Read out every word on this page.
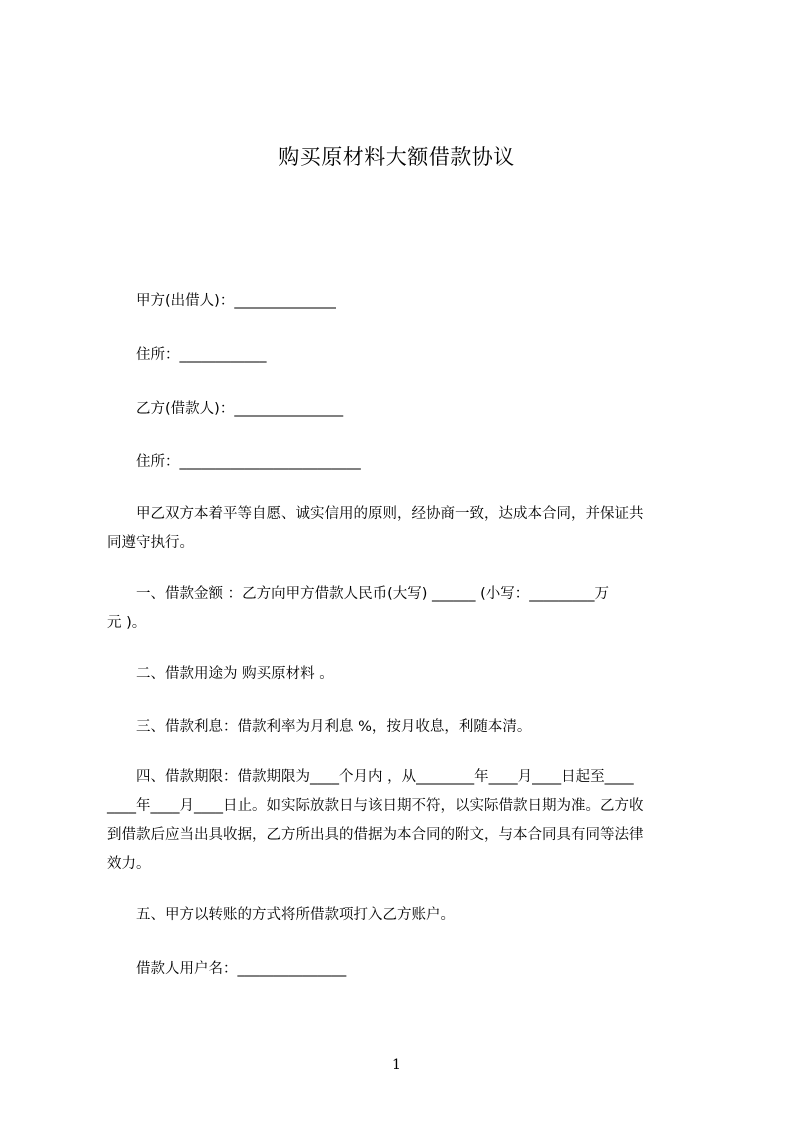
购买原材料大额借款协议
甲方(出借人)：______________
住所：____________
乙方(借款人)：_______________
住所：_________________________
　　甲乙双方本着平等自愿、诚实信用的原则，经协商一致，达成本合同，并保证共
同遵守执行。
　　一、借款金额 ：乙方向甲方借款人民币(大写) ______ (小写：_________万
元 )。
二、借款用途为 购买原材料 。
三、借款利息：借款利率为月利息 %，按月收息，利随本清。
　　四、借款期限：借款期限为____个月内 ，从________年____月____日起至____
____年____月____日止。如实际放款日与该日期不符，以实际借款日期为准。乙方收
到借款后应当出具收据，乙方所出具的借据为本合同的附文，与本合同具有同等法律
效力。
五、甲方以转账的方式将所借款项打入乙方账户。
借款人用户名：_______________
1
